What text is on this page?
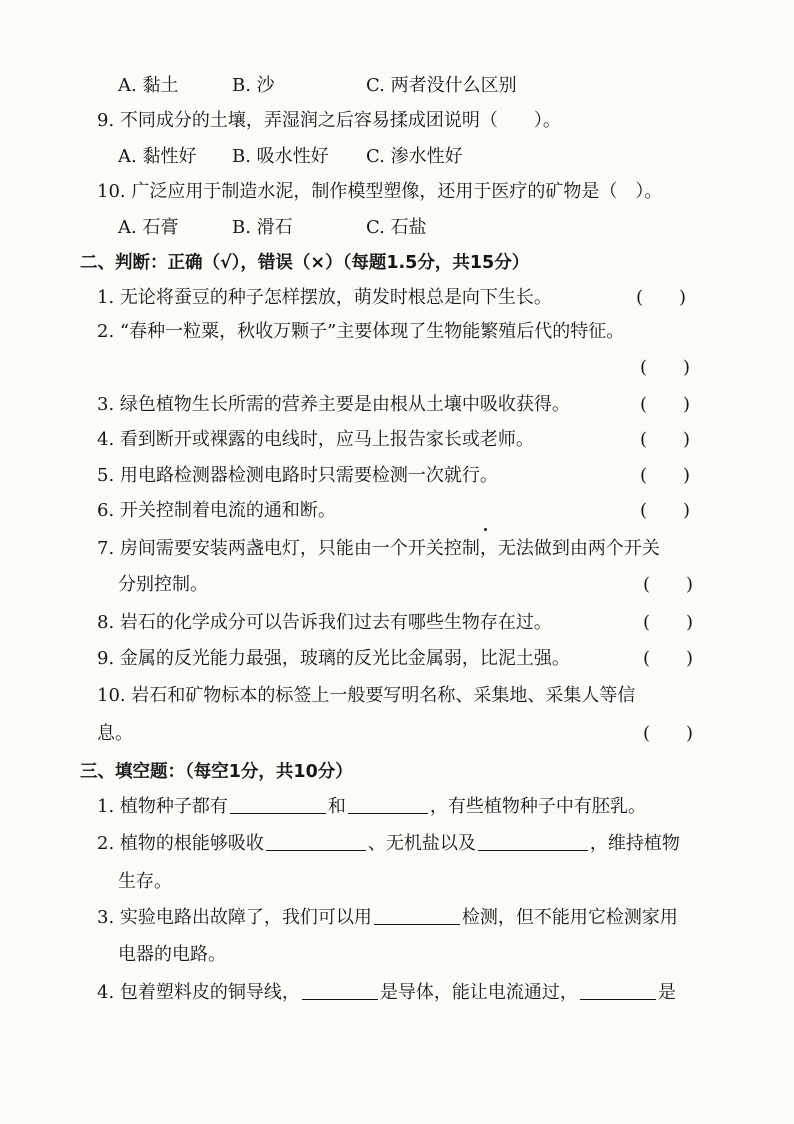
A. 黏土	B. 沙	C. 两者没什么区别
9. 不同成分的土壤，弄湿润之后容易揉成团说明（　　）。
A. 黏性好 B. 吸水性好 C. 渗水性好
10. 广泛应用于制造水泥，制作模型塑像，还用于医疗的矿物是（　）。
A. 石膏	B. 滑石	C. 石盐
二、判断：正确（√），错误（×）（每题1.5分，共15分）
1. 无论将蚕豆的种子怎样摆放，萌发时根总是向下生长。	(　　)
2. “春种一粒粟，秋收万颗子”主要体现了生物能繁殖后代的特征。
(　　)
3. 绿色植物生长所需的营养主要是由根从土壤中吸收获得。	(　　)
4. 看到断开或裸露的电线时，应马上报告家长或老师。	(　　)
5. 用电路检测器检测电路时只需要检测一次就行。	(　　)
6. 开关控制着电流的通和断。	(　　)
7. 房间需要安装两盏电灯，只能由一个开关控制，无法做到由两个开关
分别控制。	(　　)
8. 岩石的化学成分可以告诉我们过去有哪些生物存在过。	(　　)
9. 金属的反光能力最强，玻璃的反光比金属弱，比泥土强。	(　　)
10. 岩石和矿物标本的标签上一般要写明名称、采集地、采集人等信
息。	(　　)
三、填空题：（每空1分，共10分）
1. 植物种子都有	和	，有些植物种子中有胚乳。
2. 植物的根能够吸收	、无机盐以及	，维持植物
生存。
3. 实验电路出故障了，我们可以用	检测，但不能用它检测家用
电器的电路。
4. 包着塑料皮的铜导线，	是导体，能让电流通过，	是
